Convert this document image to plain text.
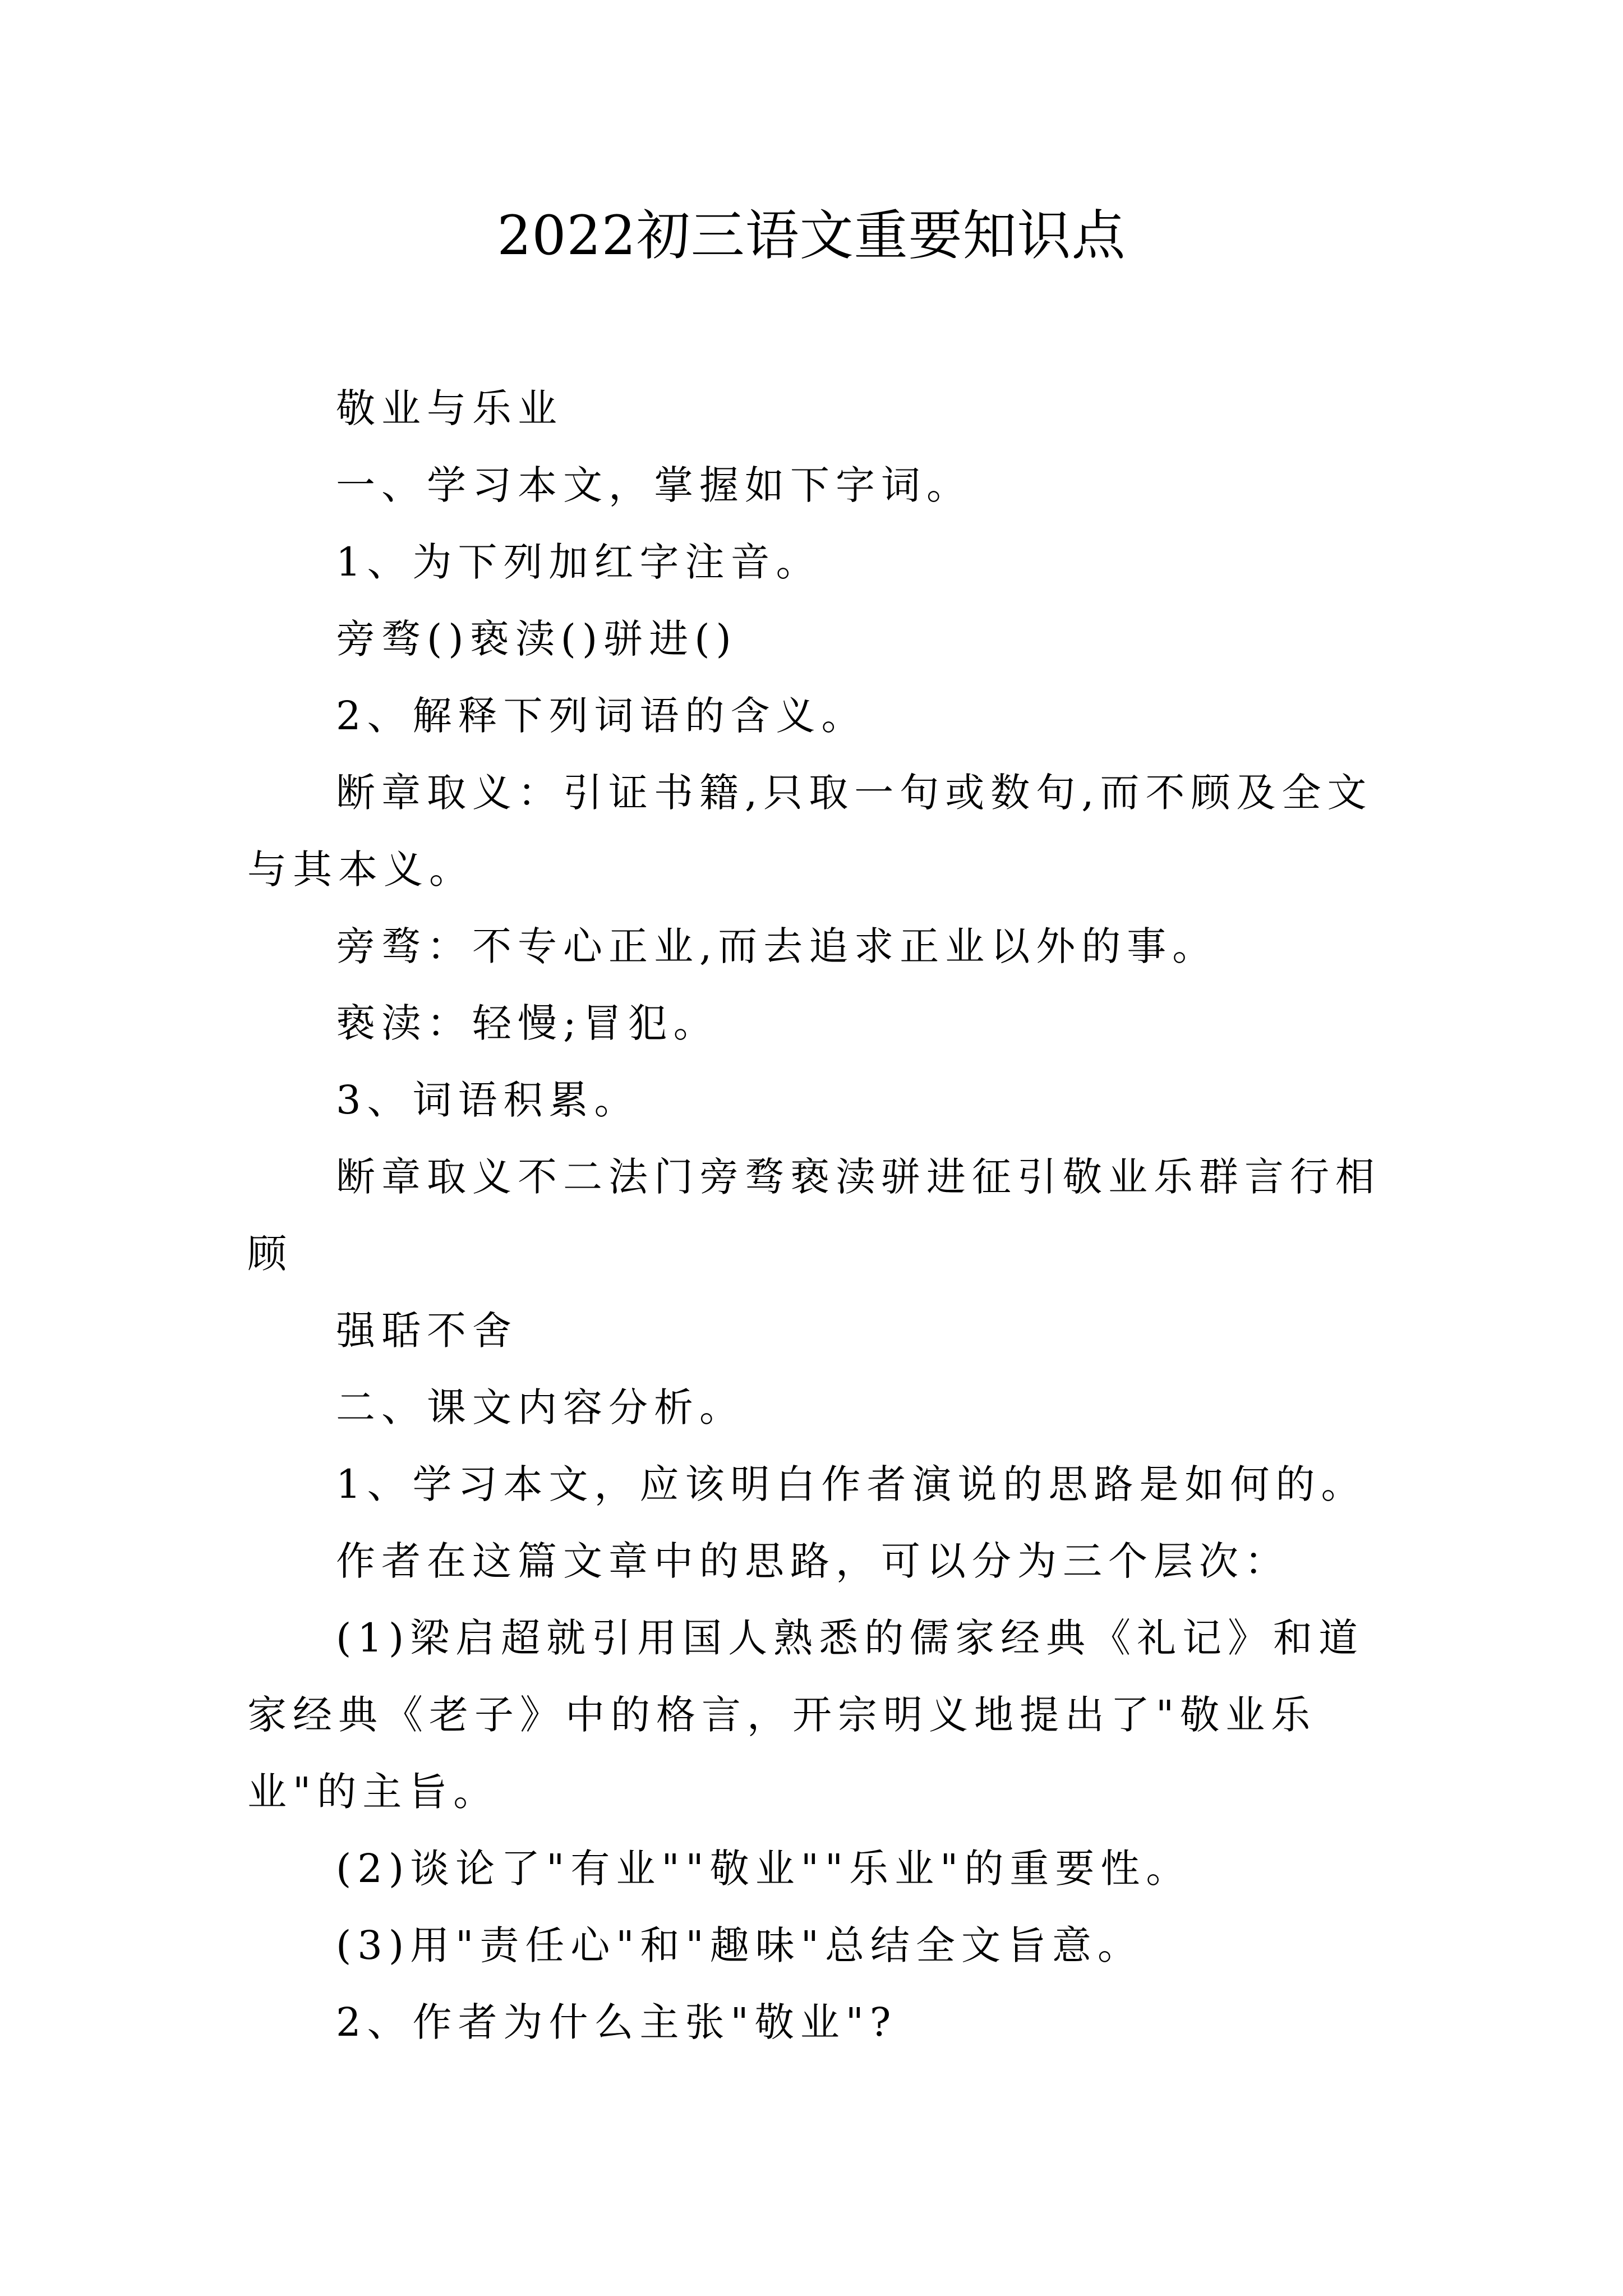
2022初三语文重要知识点

敬业与乐业

一、学习本文，掌握如下字词。

1、为下列加红字注音。

旁骛()亵渎()骈进()

2、解释下列词语的含义。

断章取义：引证书籍,只取一句或数句,而不顾及全文与其本义。

旁骛：不专心正业,而去追求正业以外的事。

亵渎：轻慢;冒犯。

3、词语积累。

断章取义不二法门旁骛亵渎骈进征引敬业乐群言行相顾

强聒不舍

二、课文内容分析。

1、学习本文，应该明白作者演说的思路是如何的。

作者在这篇文章中的思路，可以分为三个层次：

(1)梁启超就引用国人熟悉的儒家经典《礼记》和道家经典《老子》中的格言，开宗明义地提出了"敬业乐业"的主旨。

(2)谈论了"有业""敬业""乐业"的重要性。

(3)用"责任心"和"趣味"总结全文旨意。

2、作者为什么主张"敬业"?
